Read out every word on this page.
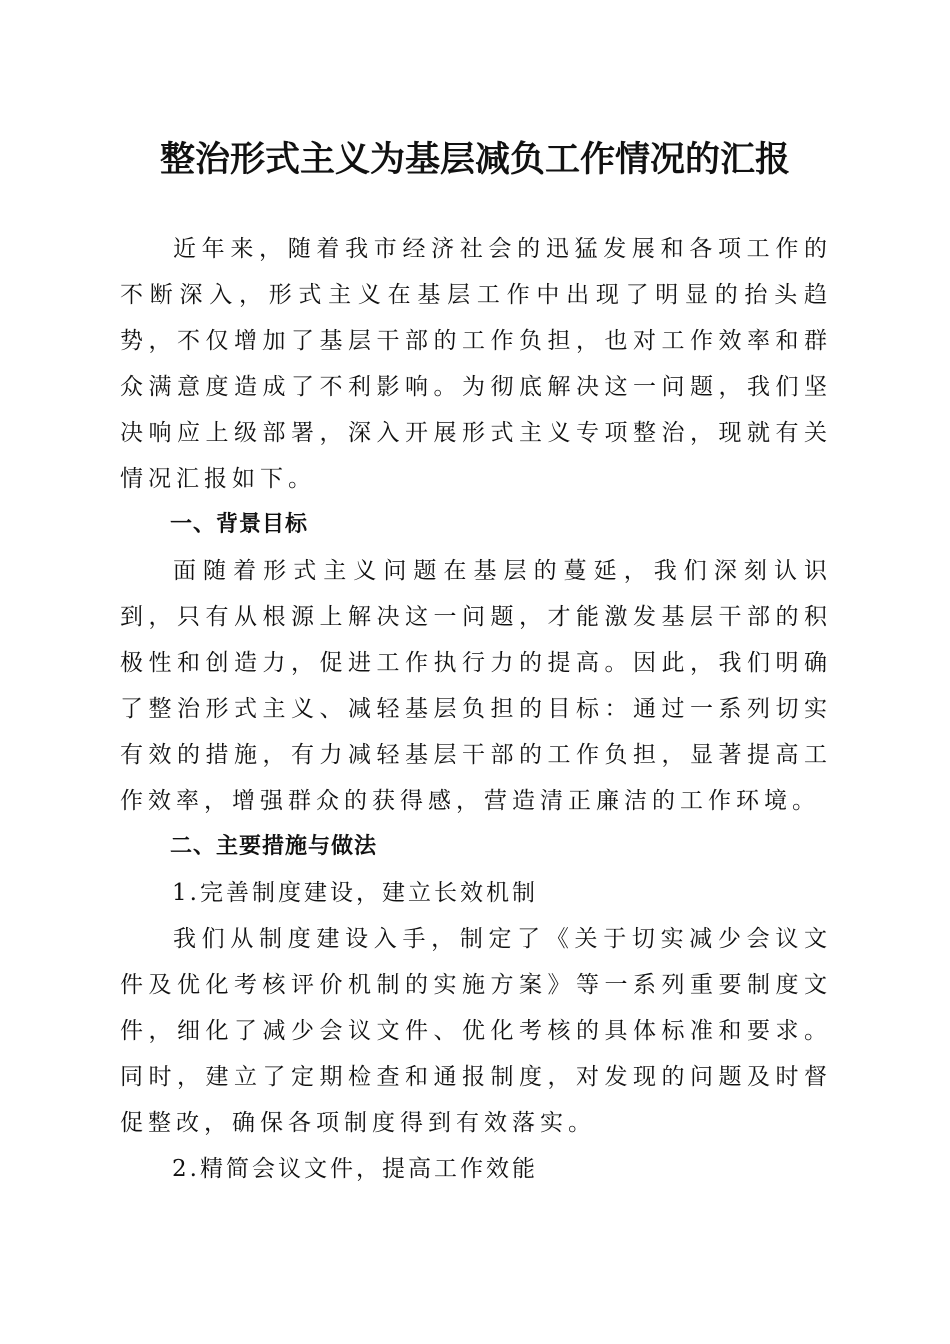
整治形式主义为基层减负工作情况的汇报

近年来，随着我市经济社会的迅猛发展和各项工作的不断深入，形式主义在基层工作中出现了明显的抬头趋势，不仅增加了基层干部的工作负担，也对工作效率和群众满意度造成了不利影响。为彻底解决这一问题，我们坚决响应上级部署，深入开展形式主义专项整治，现就有关情况汇报如下。

一、背景目标

面随着形式主义问题在基层的蔓延，我们深刻认识到，只有从根源上解决这一问题，才能激发基层干部的积极性和创造力，促进工作执行力的提高。因此，我们明确了整治形式主义、减轻基层负担的目标：通过一系列切实有效的措施，有力减轻基层干部的工作负担，显著提高工作效率，增强群众的获得感，营造清正廉洁的工作环境。

二、主要措施与做法

1.完善制度建设，建立长效机制

我们从制度建设入手，制定了《关于切实减少会议文件及优化考核评价机制的实施方案》等一系列重要制度文件，细化了减少会议文件、优化考核的具体标准和要求。同时，建立了定期检查和通报制度，对发现的问题及时督促整改，确保各项制度得到有效落实。

2.精简会议文件，提高工作效能
